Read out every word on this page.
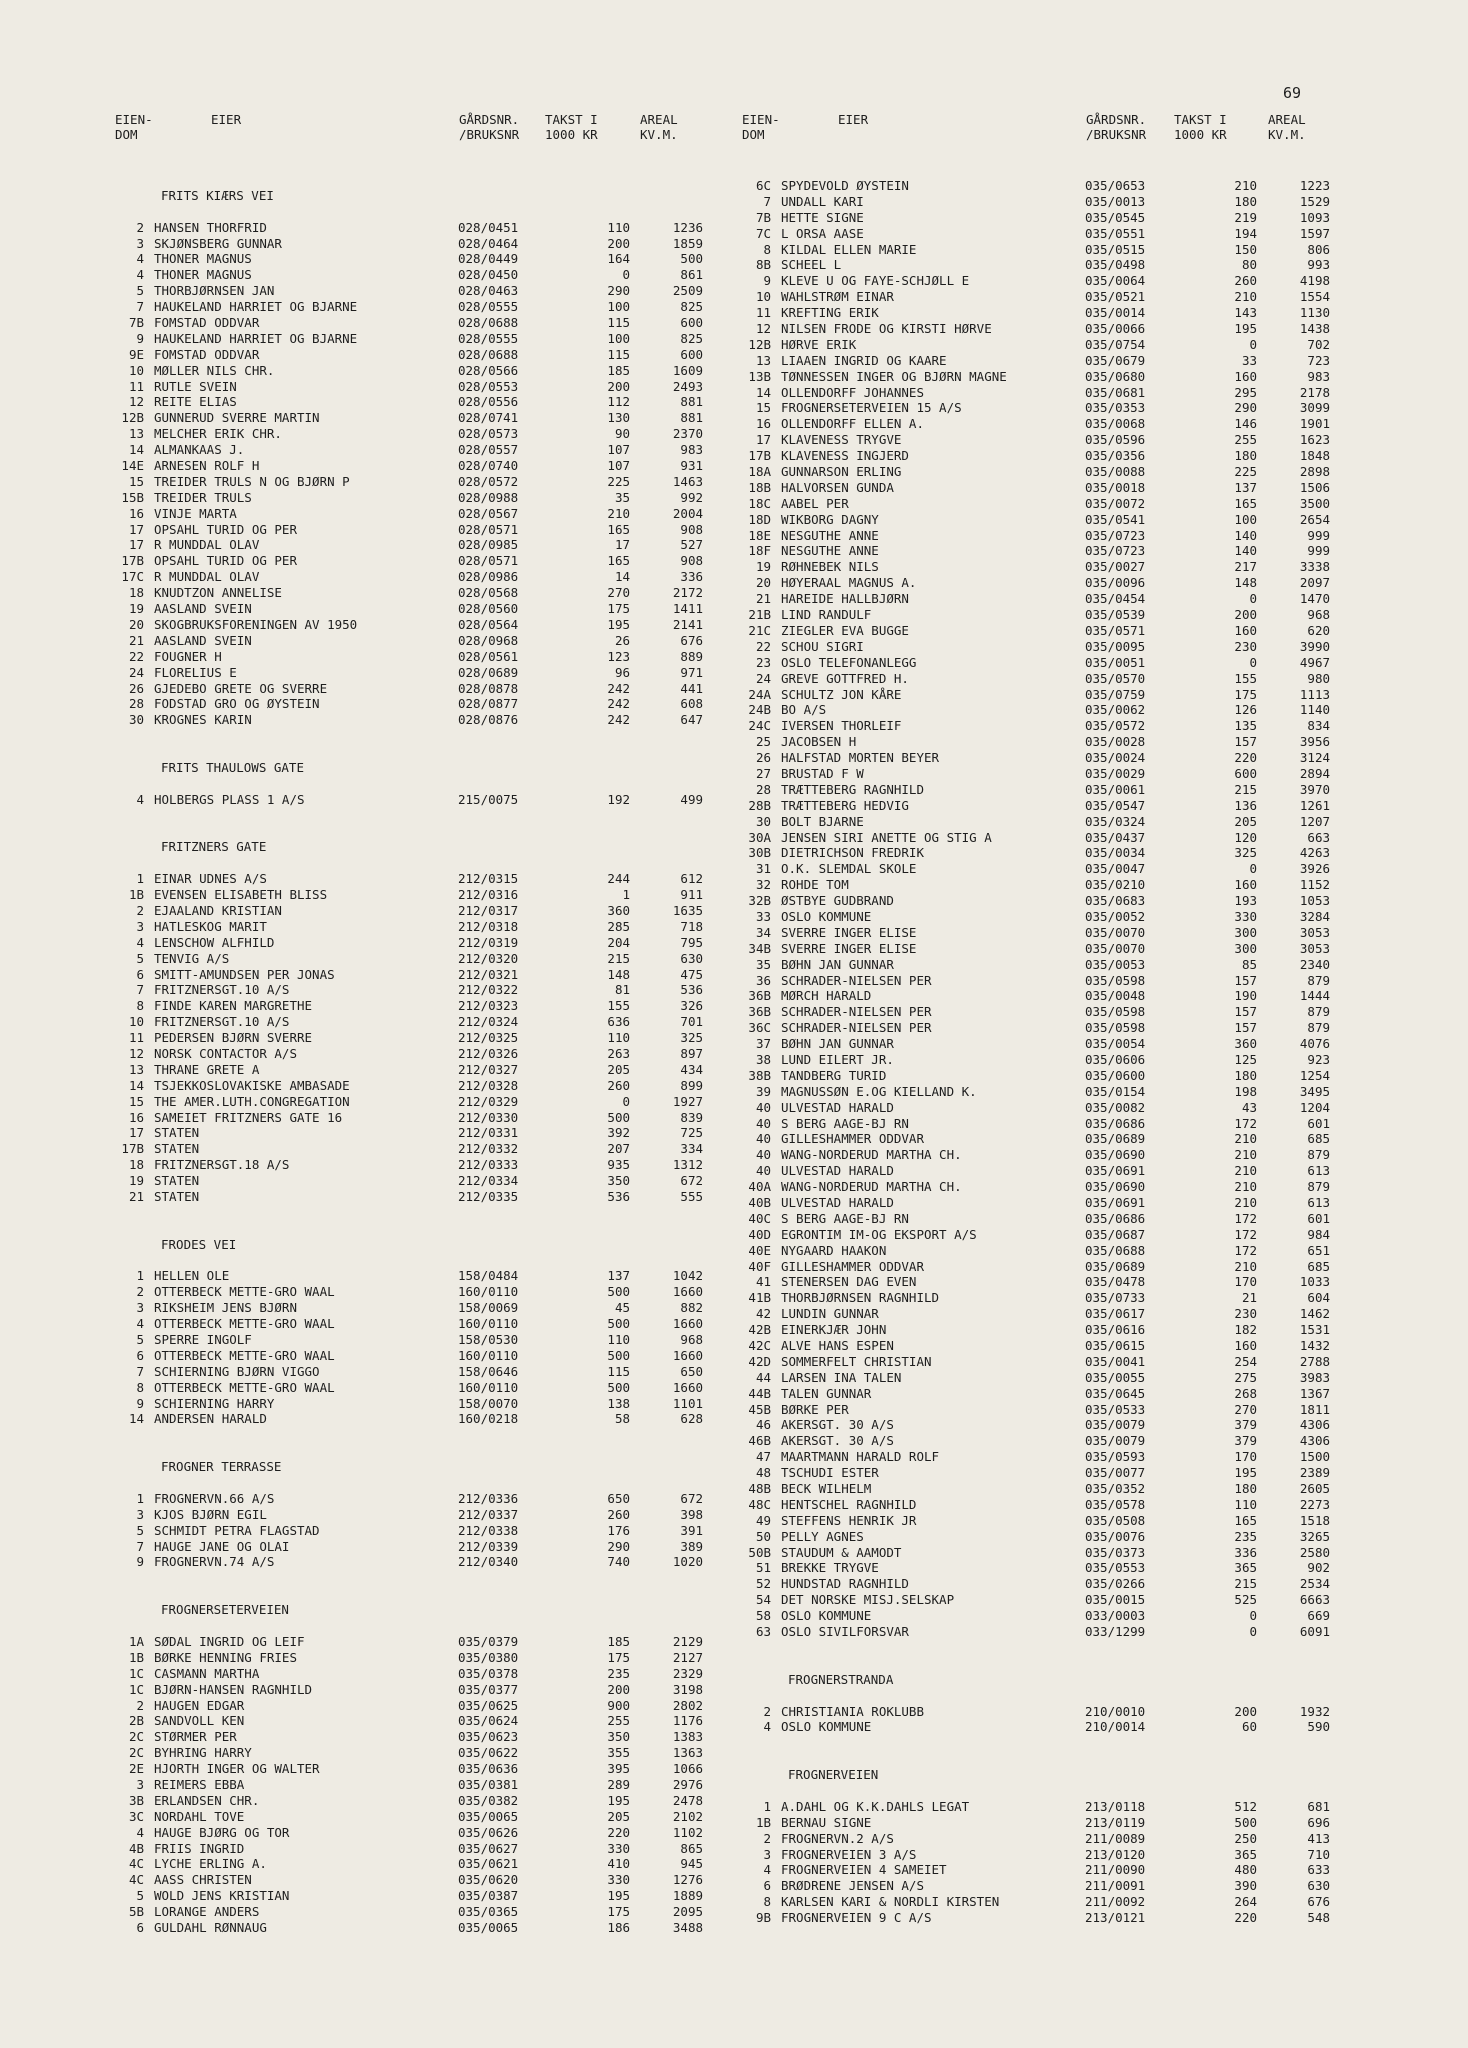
69
EIEN-
DOM
EIER	GÅRDSNR.
/BRUKSNR
TAKST I
1000 KR
AREAL
KV.M.
EIEN-
DOM
EIER	GÅRDSNR.
/BRUKSNR
TAKST I
1000 KR
AREAL
KV.M.
FRITS KIÆRS VEI
2 HANSEN THORFRID	028/0451	110	1236
3 SKJØNSBERG GUNNAR	028/0464	200	1859
4 THONER MAGNUS	028/0449	164	500
4 THONER MAGNUS	028/0450	0	861
5 THORBJØRNSEN JAN	028/0463	290	2509
7 HAUKELAND HARRIET OG BJARNE	028/0555	100	825
7B FOMSTAD ODDVAR	028/0688	115	600
9 HAUKELAND HARRIET OG BJARNE	028/0555	100	825
9E FOMSTAD ODDVAR	028/0688	115	600
10 MØLLER NILS CHR.	028/0566	185	1609
11 RUTLE SVEIN	028/0553	200	2493
12 REITE ELIAS	028/0556	112	881
12B GUNNERUD SVERRE MARTIN	028/0741	130	881
13 MELCHER ERIK CHR.	028/0573	90	2370
14 ALMANKAAS J.	028/0557	107	983
14E ARNESEN ROLF H	028/0740	107	931
15 TREIDER TRULS N OG BJØRN P	028/0572	225	1463
15B TREIDER TRULS	028/0988	35	992
16 VINJE MARTA	028/0567	210	2004
17 OPSAHL TURID OG PER	028/0571	165	908
17 R MUNDDAL OLAV	028/0985	17	527
17B OPSAHL TURID OG PER	028/0571	165	908
17C R MUNDDAL OLAV	028/0986	14	336
18 KNUDTZON ANNELISE	028/0568	270	2172
19 AASLAND SVEIN	028/0560	175	1411
20 SKOGBRUKSFORENINGEN AV 1950	028/0564	195	2141
21 AASLAND SVEIN	028/0968	26	676
22 FOUGNER H	028/0561	123	889
24 FLORELIUS E	028/0689	96	971
26 GJEDEBO GRETE OG SVERRE	028/0878	242	441
28 FODSTAD GRO OG ØYSTEIN	028/0877	242	608
30 KROGNES KARIN	028/0876	242	647
FRITS THAULOWS GATE
4 HOLBERGS PLASS 1 A/S	215/0075	192	499
FRITZNERS GATE
1 EINAR UDNES A/S	212/0315	244	612
1B EVENSEN ELISABETH BLISS	212/0316	1	911
2 EJAALAND KRISTIAN	212/0317	360	1635
3 HATLESKOG MARIT	212/0318	285	718
4 LENSCHOW ALFHILD	212/0319	204	795
5 TENVIG A/S	212/0320	215	630
6 SMITT-AMUNDSEN PER JONAS	212/0321	148	475
7 FRITZNERSGT.10 A/S	212/0322	81	536
8 FINDE KAREN MARGRETHE	212/0323	155	326
10 FRITZNERSGT.10 A/S	212/0324	636	701
11 PEDERSEN BJØRN SVERRE	212/0325	110	325
12 NORSK CONTACTOR A/S	212/0326	263	897
13 THRANE GRETE A	212/0327	205	434
14 TSJEKKOSLOVAKISKE AMBASADE	212/0328	260	899
15 THE AMER.LUTH.CONGREGATION	212/0329	0	1927
16 SAMEIET FRITZNERS GATE 16	212/0330	500	839
17 STATEN	212/0331	392	725
17B STATEN	212/0332	207	334
18 FRITZNERSGT.18 A/S	212/0333	935	1312
19 STATEN	212/0334	350	672
21 STATEN	212/0335	536	555
FRODES VEI
1 HELLEN OLE	158/0484	137	1042
2 OTTERBECK METTE-GRO WAAL	160/0110	500	1660
3 RIKSHEIM JENS BJØRN	158/0069	45	882
4 OTTERBECK METTE-GRO WAAL	160/0110	500	1660
5 SPERRE INGOLF	158/0530	110	968
6 OTTERBECK METTE-GRO WAAL	160/0110	500	1660
7 SCHIERNING BJØRN VIGGO	158/0646	115	650
8 OTTERBECK METTE-GRO WAAL	160/0110	500	1660
9 SCHIERNING HARRY	158/0070	138	1101
14 ANDERSEN HARALD	160/0218	58	628
FROGNER TERRASSE
1 FROGNERVN.66 A/S	212/0336	650	672
3 KJOS BJØRN EGIL	212/0337	260	398
5 SCHMIDT PETRA FLAGSTAD	212/0338	176	391
7 HAUGE JANE OG OLAI	212/0339	290	389
9 FROGNERVN.74 A/S	212/0340	740	1020
FROGNERSETERVEIEN
1A SØDAL INGRID OG LEIF	035/0379	185	2129
1B BØRKE HENNING FRIES	035/0380	175	2127
1C CASMANN MARTHA	035/0378	235	2329
1C BJØRN-HANSEN RAGNHILD	035/0377	200	3198
2 HAUGEN EDGAR	035/0625	900	2802
2B SANDVOLL KEN	035/0624	255	1176
2C STØRMER PER	035/0623	350	1383
2C BYHRING HARRY	035/0622	355	1363
2E HJORTH INGER OG WALTER	035/0636	395	1066
3 REIMERS EBBA	035/0381	289	2976
3B ERLANDSEN CHR.	035/0382	195	2478
3C NORDAHL TOVE	035/0065	205	2102
4 HAUGE BJØRG OG TOR	035/0626	220	1102
4B FRIIS INGRID	035/0627	330	865
4C LYCHE ERLING A.	035/0621	410	945
4C AASS CHRISTEN	035/0620	330	1276
5 WOLD JENS KRISTIAN	035/0387	195	1889
5B LORANGE ANDERS	035/0365	175	2095
6 GULDAHL RØNNAUG	035/0065	186	3488
6C SPYDEVOLD ØYSTEIN	035/0653	210	1223
7 UNDALL KARI	035/0013	180	1529
7B HETTE SIGNE	035/0545	219	1093
7C L ORSA AASE	035/0551	194	1597
8 KILDAL ELLEN MARIE	035/0515	150	806
8B SCHEEL L	035/0498	80	993
9 KLEVE U OG FAYE-SCHJØLL E	035/0064	260	4198
10 WAHLSTRØM EINAR	035/0521	210	1554
11 KREFTING ERIK	035/0014	143	1130
12 NILSEN FRODE OG KIRSTI HØRVE	035/0066	195	1438
12B HØRVE ERIK	035/0754	0	702
13 LIAAEN INGRID OG KAARE	035/0679	33	723
13B TØNNESSEN INGER OG BJØRN MAGNE	035/0680	160	983
14 OLLENDORFF JOHANNES	035/0681	295	2178
15 FROGNERSETERVEIEN 15 A/S	035/0353	290	3099
16 OLLENDORFF ELLEN A.	035/0068	146	1901
17 KLAVENESS TRYGVE	035/0596	255	1623
17B KLAVENESS INGJERD	035/0356	180	1848
18A GUNNARSON ERLING	035/0088	225	2898
18B HALVORSEN GUNDA	035/0018	137	1506
18C AABEL PER	035/0072	165	3500
18D WIKBORG DAGNY	035/0541	100	2654
18E NESGUTHE ANNE	035/0723	140	999
18F NESGUTHE ANNE	035/0723	140	999
19 RØHNEBEK NILS	035/0027	217	3338
20 HØYERAAL MAGNUS A.	035/0096	148	2097
21 HAREIDE HALLBJØRN	035/0454	0	1470
21B LIND RANDULF	035/0539	200	968
21C ZIEGLER EVA BUGGE	035/0571	160	620
22 SCHOU SIGRI	035/0095	230	3990
23 OSLO TELEFONANLEGG	035/0051	0	4967
24 GREVE GOTTFRED H.	035/0570	155	980
24A SCHULTZ JON KÅRE	035/0759	175	1113
24B BO A/S	035/0062	126	1140
24C IVERSEN THORLEIF	035/0572	135	834
25 JACOBSEN H	035/0028	157	3956
26 HALFSTAD MORTEN BEYER	035/0024	220	3124
27 BRUSTAD F W	035/0029	600	2894
28 TRÆTTEBERG RAGNHILD	035/0061	215	3970
28B TRÆTTEBERG HEDVIG	035/0547	136	1261
30 BOLT BJARNE	035/0324	205	1207
30A JENSEN SIRI ANETTE OG STIG A	035/0437	120	663
30B DIETRICHSON FREDRIK	035/0034	325	4263
31 O.K. SLEMDAL SKOLE	035/0047	0	3926
32 ROHDE TOM	035/0210	160	1152
32B ØSTBYE GUDBRAND	035/0683	193	1053
33 OSLO KOMMUNE	035/0052	330	3284
34 SVERRE INGER ELISE	035/0070	300	3053
34B SVERRE INGER ELISE	035/0070	300	3053
35 BØHN JAN GUNNAR	035/0053	85	2340
36 SCHRADER-NIELSEN PER	035/0598	157	879
36B MØRCH HARALD	035/0048	190	1444
36B SCHRADER-NIELSEN PER	035/0598	157	879
36C SCHRADER-NIELSEN PER	035/0598	157	879
37 BØHN JAN GUNNAR	035/0054	360	4076
38 LUND EILERT JR.	035/0606	125	923
38B TANDBERG TURID	035/0600	180	1254
39 MAGNUSSØN E.OG KIELLAND K.	035/0154	198	3495
40 ULVESTAD HARALD	035/0082	43	1204
40 S BERG AAGE-BJ RN	035/0686	172	601
40 GILLESHAMMER ODDVAR	035/0689	210	685
40 WANG-NORDERUD MARTHA CH.	035/0690	210	879
40 ULVESTAD HARALD	035/0691	210	613
40A WANG-NORDERUD MARTHA CH.	035/0690	210	879
40B ULVESTAD HARALD	035/0691	210	613
40C S BERG AAGE-BJ RN	035/0686	172	601
40D EGRONTIM IM-OG EKSPORT A/S	035/0687	172	984
40E NYGAARD HAAKON	035/0688	172	651
40F GILLESHAMMER ODDVAR	035/0689	210	685
41 STENERSEN DAG EVEN	035/0478	170	1033
41B THORBJØRNSEN RAGNHILD	035/0733	21	604
42 LUNDIN GUNNAR	035/0617	230	1462
42B EINERKJÆR JOHN	035/0616	182	1531
42C ALVE HANS ESPEN	035/0615	160	1432
42D SOMMERFELT CHRISTIAN	035/0041	254	2788
44 LARSEN INA TALEN	035/0055	275	3983
44B TALEN GUNNAR	035/0645	268	1367
45B BØRKE PER	035/0533	270	1811
46 AKERSGT. 30 A/S	035/0079	379	4306
46B AKERSGT. 30 A/S	035/0079	379	4306
47 MAARTMANN HARALD ROLF	035/0593	170	1500
48 TSCHUDI ESTER	035/0077	195	2389
48B BECK WILHELM	035/0352	180	2605
48C HENTSCHEL RAGNHILD	035/0578	110	2273
49 STEFFENS HENRIK JR	035/0508	165	1518
50 PELLY AGNES	035/0076	235	3265
50B STAUDUM & AAMODT	035/0373	336	2580
51 BREKKE TRYGVE	035/0553	365	902
52 HUNDSTAD RAGNHILD	035/0266	215	2534
54 DET NORSKE MISJ.SELSKAP	035/0015	525	6663
58 OSLO KOMMUNE	033/0003	0	669
63 OSLO SIVILFORSVAR	033/1299	0	6091
FROGNERSTRANDA
2 CHRISTIANIA ROKLUBB	210/0010	200	1932
4 OSLO KOMMUNE	210/0014	60	590
FROGNERVEIEN
1 A.DAHL OG K.K.DAHLS LEGAT	213/0118	512	681
1B BERNAU SIGNE	213/0119	500	696
2 FROGNERVN.2 A/S	211/0089	250	413
3 FROGNERVEIEN 3 A/S	213/0120	365	710
4 FROGNERVEIEN 4 SAMEIET	211/0090	480	633
6 BRØDRENE JENSEN A/S	211/0091	390	630
8 KARLSEN KARI & NORDLI KIRSTEN	211/0092	264	676
9B FROGNERVEIEN 9 C A/S	213/0121	220	548
